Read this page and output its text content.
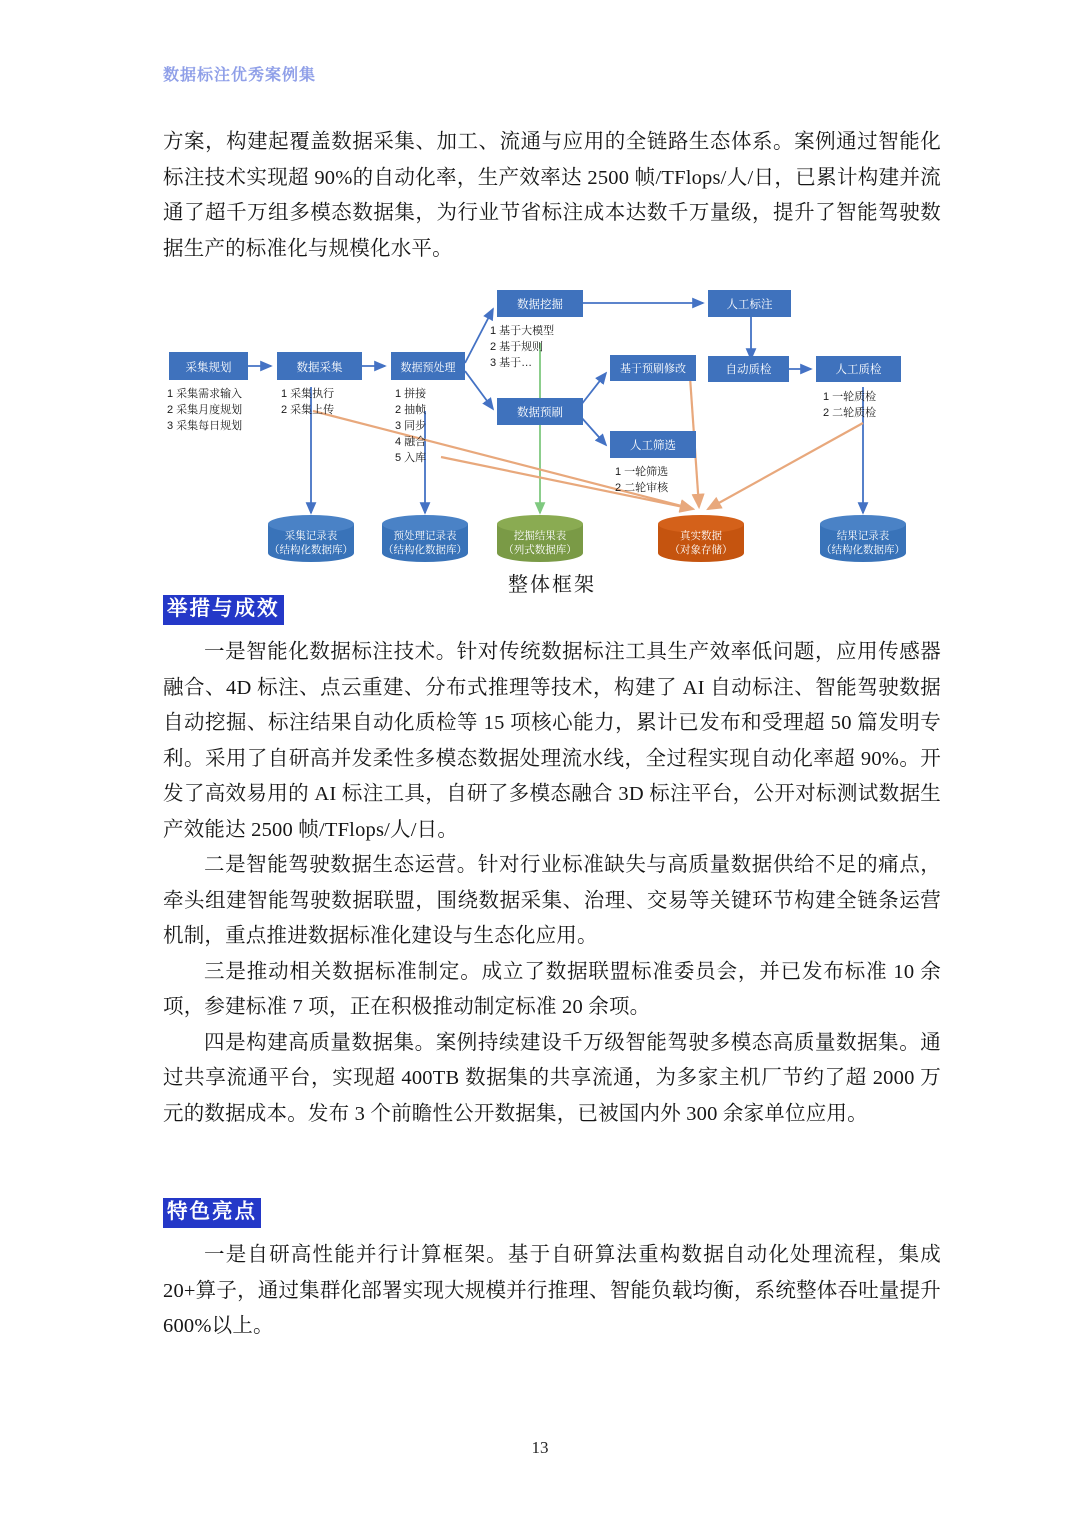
数据标注优秀案例集

方案，构建起覆盖数据采集、加工、流通与应用的全链路生态体系。案例通过智能化标注技术实现超 90%的自动化率，生产效率达 2500 帧/TFlops/人/日，已累计构建并流通了超千万组多模态数据集，为行业节省标注成本达数千万量级，提升了智能驾驶数据生产的标准化与规模化水平。

采集规划
1 采集需求输入
2 采集月度规划
3 采集每日规划
数据采集
1 采集执行
2 采集上传
数据预处理
1 拼接
2 抽帧
3 同步
4 融合
5 入库
数据挖掘
1 基于大模型
2 基于规则
3 基于…
数据预刷
基于预刷修改
人工筛选
1 一轮筛选
2 二轮审核
人工标注
自动质检	人工质检
1 一轮质检
2 二轮质检
采集记录表
（结构化数据库）
预处理记录表
（结构化数据库）
挖掘结果表
（列式数据库）
真实数据
（对象存储）
结果记录表
（结构化数据库）
整体框架
举措与成效

一是智能化数据标注技术。针对传统数据标注工具生产效率低问题，应用传感器融合、4D 标注、点云重建、分布式推理等技术，构建了 AI 自动标注、智能驾驶数据自动挖掘、标注结果自动化质检等 15 项核心能力，累计已发布和受理超 50 篇发明专利。采用了自研高并发柔性多模态数据处理流水线，全过程实现自动化率超 90%。开发了高效易用的 AI 标注工具，自研了多模态融合 3D 标注平台，公开对标测试数据生产效能达 2500 帧/TFlops/人/日。

二是智能驾驶数据生态运营。针对行业标准缺失与高质量数据供给不足的痛点，牵头组建智能驾驶数据联盟，围绕数据采集、治理、交易等关键环节构建全链条运营机制，重点推进数据标准化建设与生态化应用。

三是推动相关数据标准制定。成立了数据联盟标准委员会，并已发布标准 10 余项，参建标准 7 项，正在积极推动制定标准 20 余项。

四是构建高质量数据集。案例持续建设千万级智能驾驶多模态高质量数据集。通过共享流通平台，实现超 400TB 数据集的共享流通，为多家主机厂节约了超 2000 万元的数据成本。发布 3 个前瞻性公开数据集，已被国内外 300 余家单位应用。

特色亮点

一是自研高性能并行计算框架。基于自研算法重构数据自动化处理流程，集成 20+算子，通过集群化部署实现大规模并行推理、智能负载均衡，系统整体吞吐量提升 600%以上。

13
